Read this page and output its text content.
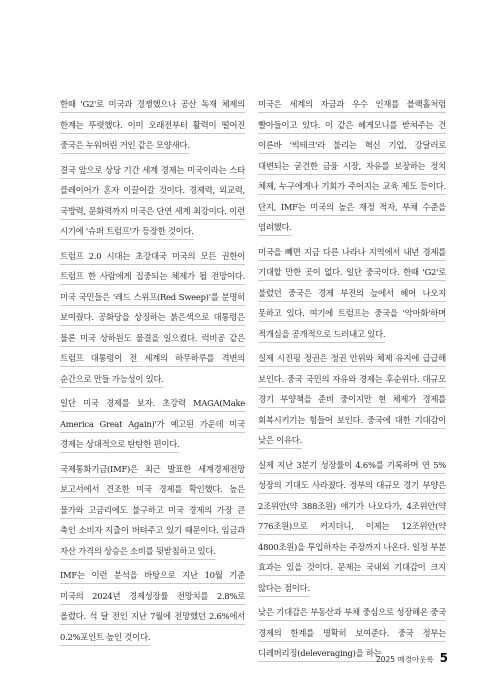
한때 'G2'로 미국과 경쟁했으나 공산 독재 체제의 한계는 뚜렷했다. 이미 오래전부터 활력이 떨어진 중국은 누워버린 거인 같은 모양새다.

결국 앞으로 상당 기간 세계 경제는 미국이라는 스타 플레이어가 혼자 이끌어갈 것이다. 경제력, 외교력, 국방력, 문화력까지 미국은 단연 세계 최강이다. 이런 시기에 '슈퍼 트럼프'가 등장한 것이다.

트럼프 2.0 시대는 초강대국 미국의 모든 권한이 트럼프 한 사람에게 집중되는 체제가 될 전망이다. 미국 국민들은 '레드 스위프(Red Sweep)'를 분명히 보여줬다. 공화당을 상징하는 붉은색으로 대통령은 물론 미국 상하원도 물결을 일으켰다. 럭비공 같은 트럼프 대통령이 전 세계의 하무하루를 격변의 순간으로 만들 가능성이 있다.

일단 미국 경제를 보자. 초강력 MAGA(Make America Great Again)'가 예고된 가운데 미국 경제는 상대적으로 탄탄한 편이다.

국제통화기금(IMF)은 최근 발표한 세계경제전망 보고서에서 견조한 미국 경제를 확인했다. 높은 물가와 고금리에도 불구하고 미국 경제의 가장 큰 축인 소비자 지출이 버텨주고 있기 때문이다. 임금과 자산 가격의 상승은 소비를 뒷받침하고 있다.

IMF는 이런 분석을 바탕으로 지난 10월 기준 미국의 2024년 경제성장률 전망치를 2.8%로 올렸다. 석 달 전인 지난 7월에 전망했던 2.6%에서 0.2%포인트 높인 것이다.

미국은 세계의 자금과 우수 인재를 블랙홀처럼 빨아들이고 있다. 이 같은 헤게모니를 받쳐주는 건 이른바 '빅테크'라 불리는 혁신 기업, 강달러로 대변되는 굳건한 금융 시장, 자유를 보장하는 정치 체제, 누구에게나 기회가 주어지는 교육 제도 등이다. 단지, IMF는 미국의 높은 재정 적자, 부채 수준을 염려했다.

미국을 빼면 지금 다른 나라나 지역에서 내년 경제를 기대할 만한 곳이 없다. 일단 중국이다. 한때 'G2'로 불렸던 중국은 경제 부진의 늪에서 헤어 나오지 못하고 있다. 여기에 트럼프는 중국을 '악마화'하며 적개심을 공개적으로 드러내고 있다.

실제 시진핑 정권은 정권 안위와 체제 유지에 급급해 보인다. 중국 국민의 자유와 경제는 후순위다. 대규모 경기 부양책을 준비 중이지만 현 체제가 경제를 회복시키기는 힘들어 보인다. 중국에 대한 기대감이 낮은 이유다.

실제 지난 3분기 성장률이 4.6%를 기록하며 연 5% 성장의 기대도 사라졌다. 정부의 대규모 경기 부양은 2조위안(약 388조원) 얘기가 나오다가, 4조위안(약 776조원)으로 커지더니, 이제는 12조위안(약 4800조원)을 투입하자는 주장까지 나온다. 일정 부분 효과는 있을 것이다. 문제는 국내외 기대감이 크지 않다는 점이다.

낮은 기대감은 부동산과 부채 중심으로 성장해온 중국 경제의 한계를 명확히 보여준다. 중국 정부는 디레버리징(deleveraging)을 하는

2025 매경아웃룩 5
